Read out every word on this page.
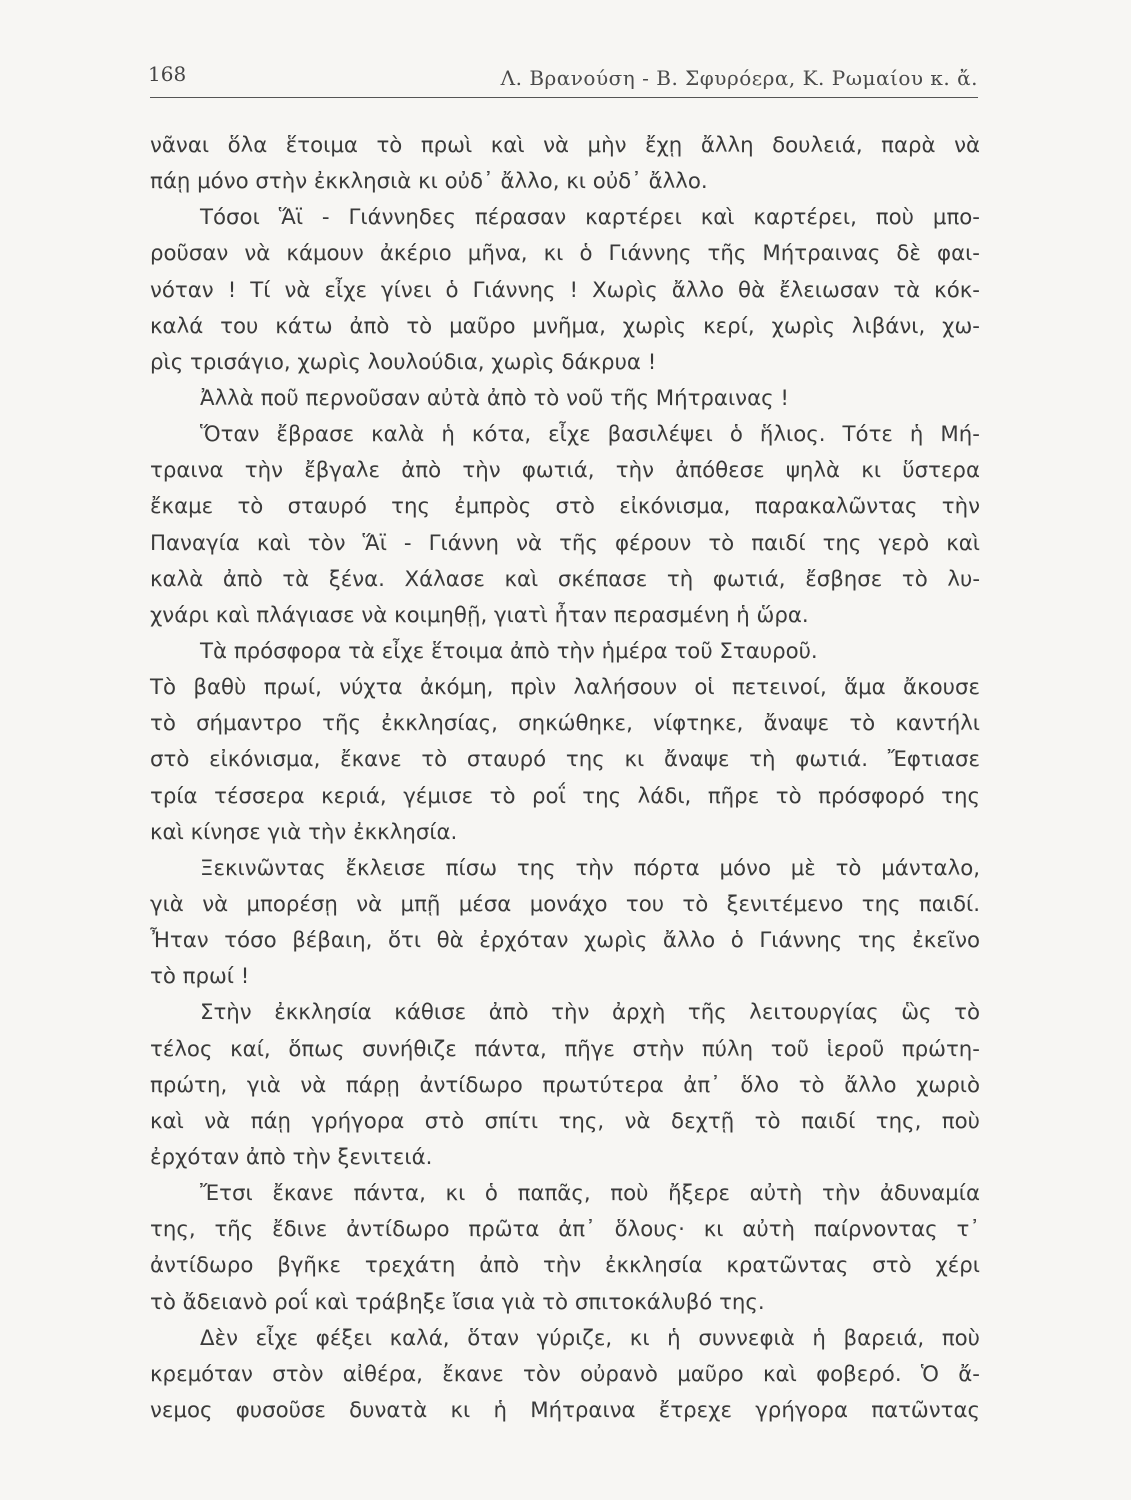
168	Λ. Βρανούση - Β. Σφυρόερα, Κ. Ρωμαίου κ. ἄ.
νᾶναι ὅλα ἕτοιμα τὸ πρωὶ καὶ νὰ μὴν ἔχῃ ἄλλη δουλειά, παρὰ νὰ
πάῃ μόνο στὴν ἐκκλησιὰ κι οὐδ᾽ ἄλλο, κι οὐδ᾽ ἄλλο.
Τόσοι Ἅϊ - Γιάννηδες πέρασαν καρτέρει καὶ καρτέρει, ποὺ μπο-
ροῦσαν νὰ κάμουν ἀκέριο μῆνα, κι ὁ Γιάννης τῆς Μήτραινας δὲ φαι-
νόταν ! Τί νὰ εἶχε γίνει ὁ Γιάννης ! Χωρὶς ἄλλο θὰ ἔλειωσαν τὰ κόκ-
καλά του κάτω ἀπὸ τὸ μαῦρο μνῆμα, χωρὶς κερί, χωρὶς λιβάνι, χω-
ρὶς τρισάγιο, χωρὶς λουλούδια, χωρὶς δάκρυα !
Ἀλλὰ ποῦ περνοῦσαν αὐτὰ ἀπὸ τὸ νοῦ τῆς Μήτραινας !
Ὅταν ἔβρασε καλὰ ἡ κότα, εἶχε βασιλέψει ὁ ἥλιος. Τότε ἡ Μή-
τραινα τὴν ἔβγαλε ἀπὸ τὴν φωτιά, τὴν ἀπόθεσε ψηλὰ κι ὕστερα
ἔκαμε τὸ σταυρό της ἐμπρὸς στὸ εἰκόνισμα, παρακαλῶντας τὴν
Παναγία καὶ τὸν Ἅϊ - Γιάννη νὰ τῆς φέρουν τὸ παιδί της γερὸ καὶ
καλὰ ἀπὸ τὰ ξένα. Χάλασε καὶ σκέπασε τὴ φωτιά, ἔσβησε τὸ λυ-
χνάρι καὶ πλάγιασε νὰ κοιμηθῇ, γιατὶ ἦταν περασμένη ἡ ὥρα.
Τὰ πρόσφορα τὰ εἶχε ἕτοιμα ἀπὸ τὴν ἡμέρα τοῦ Σταυροῦ.
Τὸ βαθὺ πρωί, νύχτα ἀκόμη, πρὶν λαλήσουν οἱ πετεινοί, ἅμα ἄκουσε
τὸ σήμαντρο τῆς ἐκκλησίας, σηκώθηκε, νίφτηκε, ἄναψε τὸ καντήλι
στὸ εἰκόνισμα, ἔκανε τὸ σταυρό της κι ἄναψε τὴ φωτιά. Ἔφτιασε
τρία τέσσερα κεριά, γέμισε τὸ ροΐ της λάδι, πῆρε τὸ πρόσφορό της
καὶ κίνησε γιὰ τὴν ἐκκλησία.
Ξεκινῶντας ἔκλεισε πίσω της τὴν πόρτα μόνο μὲ τὸ μάνταλο,
γιὰ νὰ μπορέσῃ νὰ μπῇ μέσα μονάχο του τὸ ξενιτέμενο της παιδί.
Ἦταν τόσο βέβαιη, ὅτι θὰ ἐρχόταν χωρὶς ἄλλο ὁ Γιάννης της ἐκεῖνο
τὸ πρωί !
Στὴν ἐκκλησία κάθισε ἀπὸ τὴν ἀρχὴ τῆς λειτουργίας ὣς τὸ
τέλος καί, ὅπως συνήθιζε πάντα, πῆγε στὴν πύλη τοῦ ἱεροῦ πρώτη-
πρώτη, γιὰ νὰ πάρῃ ἀντίδωρο πρωτύτερα ἀπ᾽ ὅλο τὸ ἄλλο χωριὸ
καὶ νὰ πάῃ γρήγορα στὸ σπίτι της, νὰ δεχτῇ τὸ παιδί της, ποὺ
ἐρχόταν ἀπὸ τὴν ξενιτειά.
Ἔτσι ἔκανε πάντα, κι ὁ παπᾶς, ποὺ ἤξερε αὐτὴ τὴν ἀδυναμία
της, τῆς ἔδινε ἀντίδωρο πρῶτα ἀπ᾽ ὅλους· κι αὐτὴ παίρνοντας τ᾽
ἀντίδωρο βγῆκε τρεχάτη ἀπὸ τὴν ἐκκλησία κρατῶντας στὸ χέρι
τὸ ἄδειανὸ ροΐ καὶ τράβηξε ἴσια γιὰ τὸ σπιτοκάλυβό της.
Δὲν εἶχε φέξει καλά, ὅταν γύριζε, κι ἡ συννεφιὰ ἡ βαρειά, ποὺ
κρεμόταν στὸν αἰθέρα, ἔκανε τὸν οὐρανὸ μαῦρο καὶ φοβερό. Ὁ ἄ-
νεμος φυσοῦσε δυνατὰ κι ἡ Μήτραινα ἔτρεχε γρήγορα πατῶντας
